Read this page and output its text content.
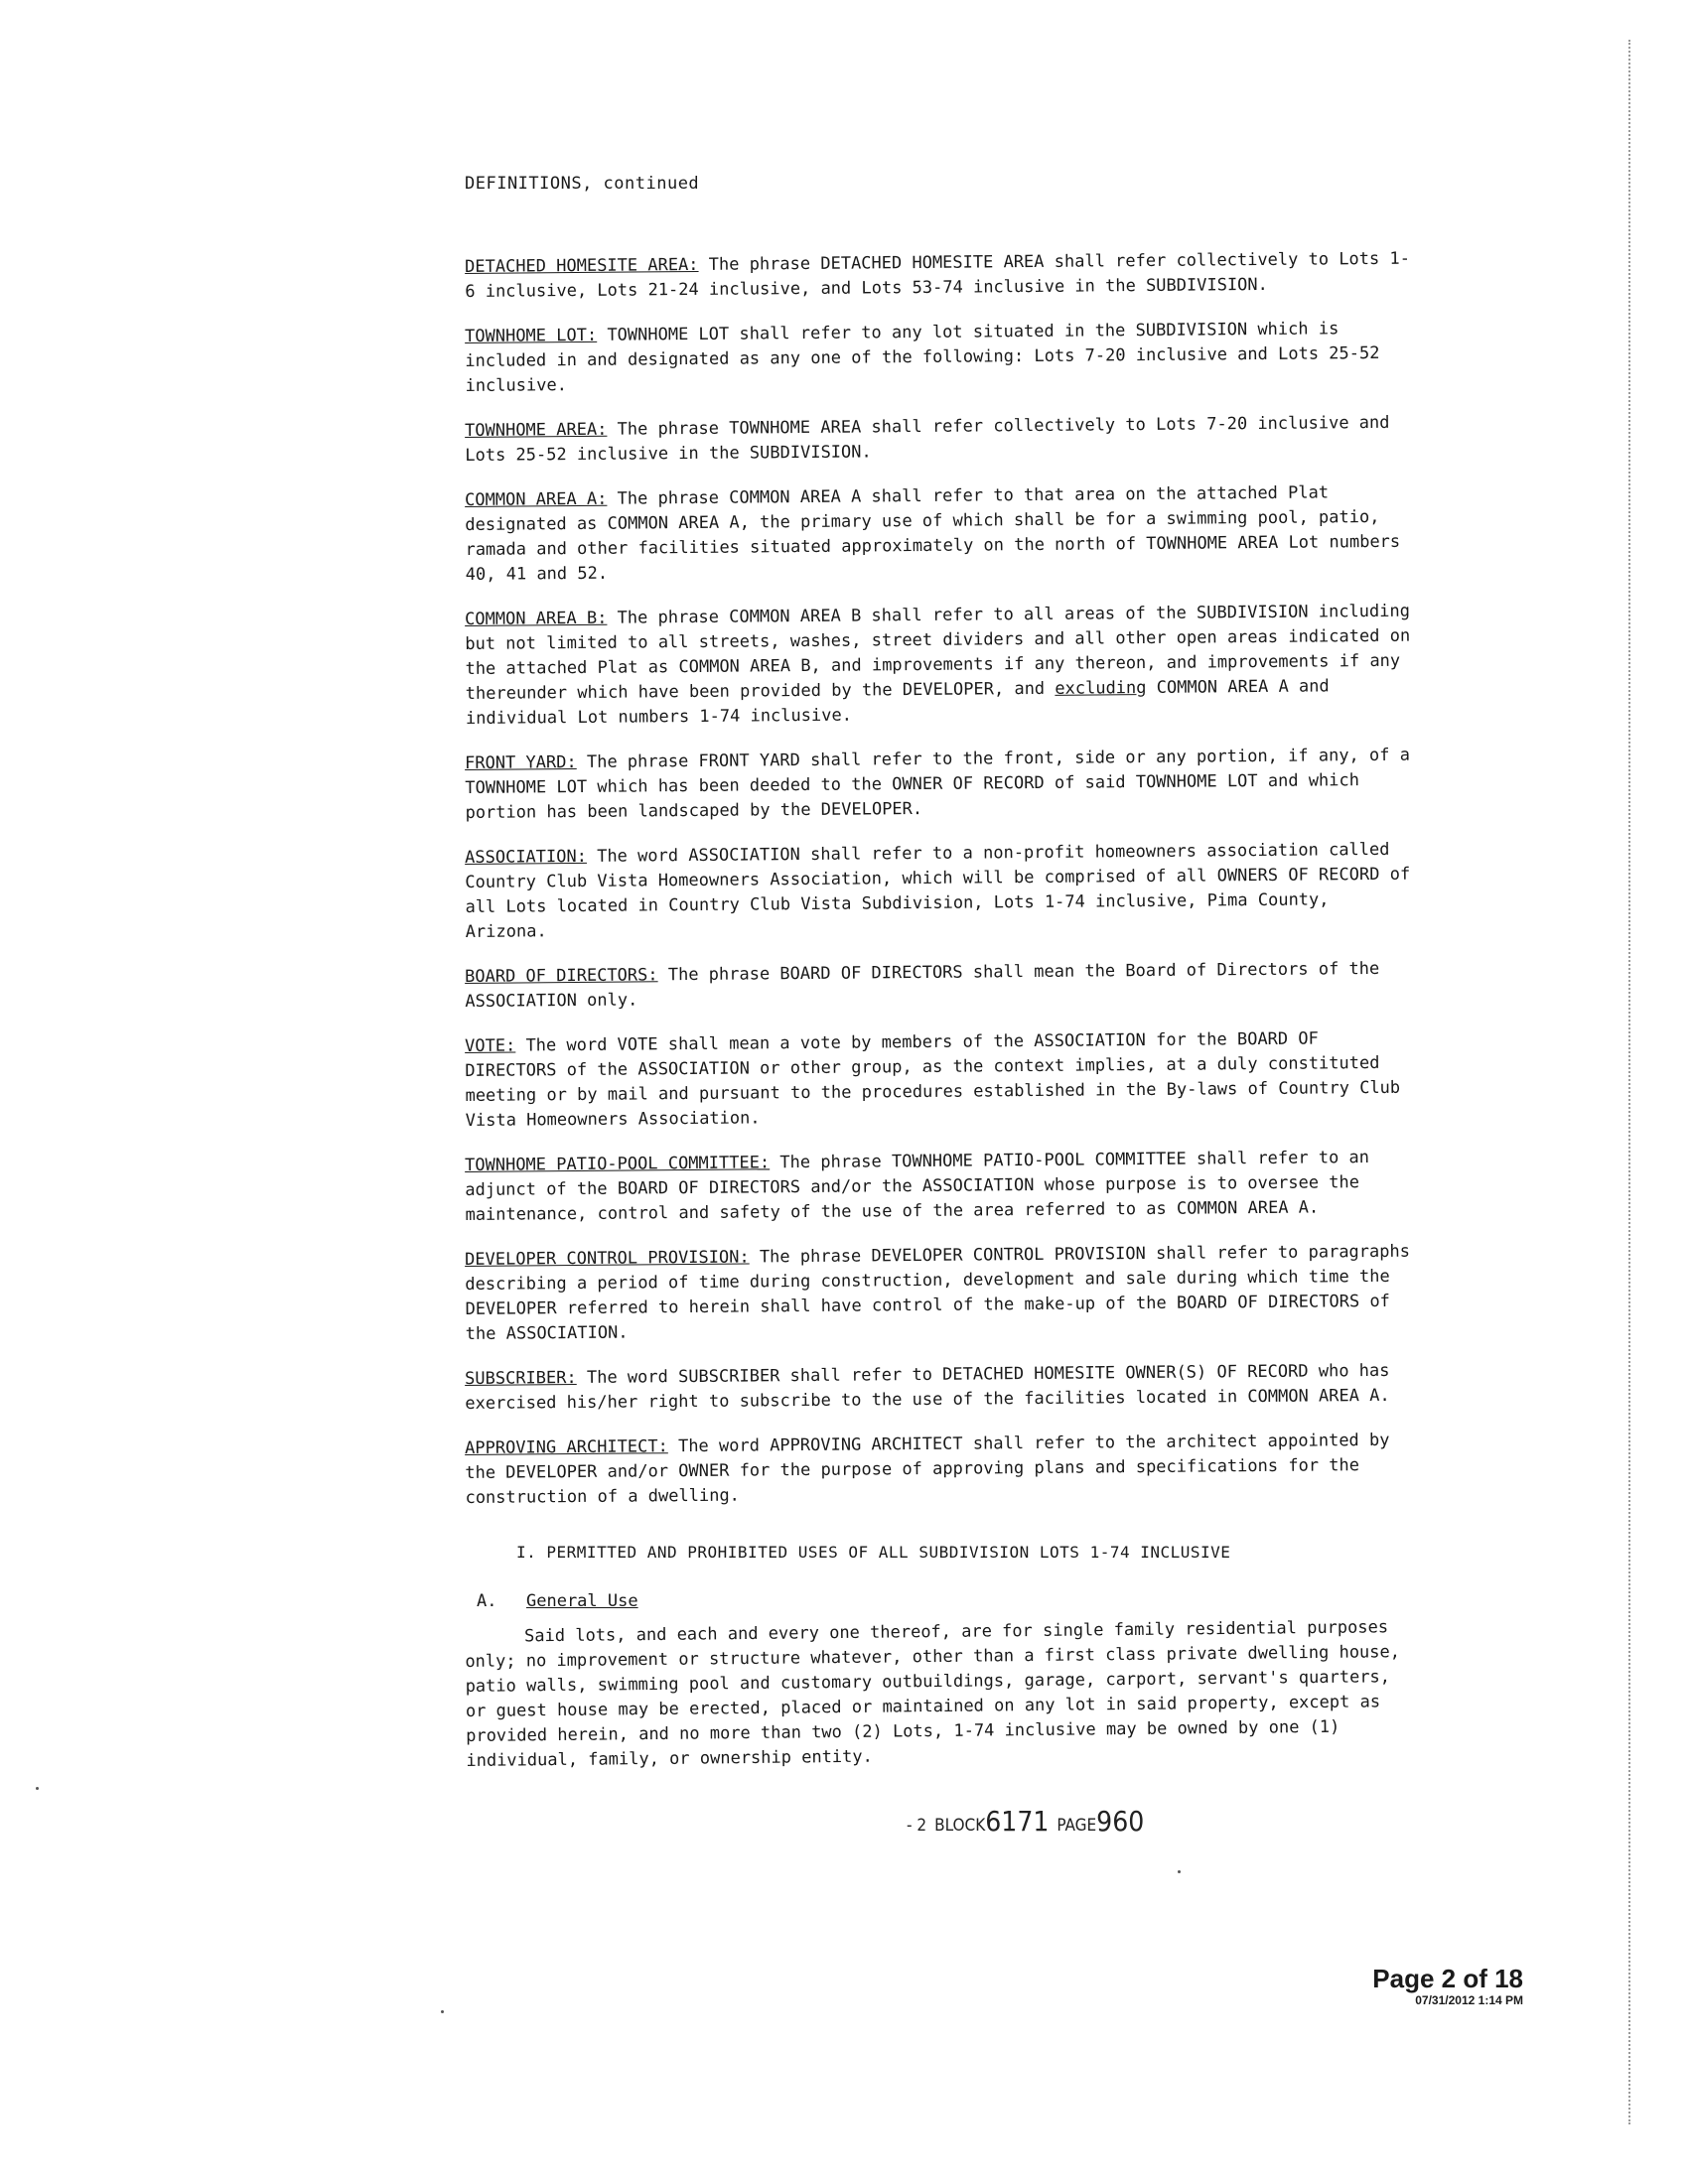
DEFINITIONS, continued
DETACHED HOMESITE AREA: The phrase DETACHED HOMESITE AREA shall refer collectively to Lots 1-6 inclusive, Lots 21-24 inclusive, and Lots 53-74 inclusive in the SUBDIVISION.
TOWNHOME LOT: TOWNHOME LOT shall refer to any lot situated in the SUBDIVISION which is included in and designated as any one of the following: Lots 7-20 inclusive and Lots 25-52 inclusive.
TOWNHOME AREA: The phrase TOWNHOME AREA shall refer collectively to Lots 7-20 inclusive and Lots 25-52 inclusive in the SUBDIVISION.
COMMON AREA A: The phrase COMMON AREA A shall refer to that area on the attached Plat designated as COMMON AREA A, the primary use of which shall be for a swimming pool, patio, ramada and other facilities situated approximately on the north of TOWNHOME AREA Lot numbers 40, 41 and 52.
COMMON AREA B: The phrase COMMON AREA B shall refer to all areas of the SUBDIVISION including but not limited to all streets, washes, street dividers and all other open areas indicated on the attached Plat as COMMON AREA B, and improvements if any thereon, and improvements if any thereunder which have been provided by the DEVELOPER, and excluding COMMON AREA A and individual Lot numbers 1-74 inclusive.
FRONT YARD: The phrase FRONT YARD shall refer to the front, side or any portion, if any, of a TOWNHOME LOT which has been deeded to the OWNER OF RECORD of said TOWNHOME LOT and which portion has been landscaped by the DEVELOPER.
ASSOCIATION: The word ASSOCIATION shall refer to a non-profit homeowners association called Country Club Vista Homeowners Association, which will be comprised of all OWNERS OF RECORD of all Lots located in Country Club Vista Subdivision, Lots 1-74 inclusive, Pima County, Arizona.
BOARD OF DIRECTORS: The phrase BOARD OF DIRECTORS shall mean the Board of Directors of the ASSOCIATION only.
VOTE: The word VOTE shall mean a vote by members of the ASSOCIATION for the BOARD OF DIRECTORS of the ASSOCIATION or other group, as the context implies, at a duly constituted meeting or by mail and pursuant to the procedures established in the By-laws of Country Club Vista Homeowners Association.
TOWNHOME PATIO-POOL COMMITTEE: The phrase TOWNHOME PATIO-POOL COMMITTEE shall refer to an adjunct of the BOARD OF DIRECTORS and/or the ASSOCIATION whose purpose is to oversee the maintenance, control and safety of the use of the area referred to as COMMON AREA A.
DEVELOPER CONTROL PROVISION: The phrase DEVELOPER CONTROL PROVISION shall refer to paragraphs describing a period of time during construction, development and sale during which time the DEVELOPER referred to herein shall have control of the make-up of the BOARD OF DIRECTORS of the ASSOCIATION.
SUBSCRIBER: The word SUBSCRIBER shall refer to DETACHED HOMESITE OWNER(S) OF RECORD who has exercised his/her right to subscribe to the use of the facilities located in COMMON AREA A.
APPROVING ARCHITECT: The word APPROVING ARCHITECT shall refer to the architect appointed by the DEVELOPER and/or OWNER for the purpose of approving plans and specifications for the construction of a dwelling.
I. PERMITTED AND PROHIBITED USES OF ALL SUBDIVISION LOTS 1-74 INCLUSIVE
A. General Use
Said lots, and each and every one thereof, are for single family residential purposes only; no improvement or structure whatever, other than a first class private dwelling house, patio walls, swimming pool and customary outbuildings, garage, carport, servant's quarters, or guest house may be erected, placed or maintained on any lot in said property, except as provided herein, and no more than two (2) Lots, 1-74 inclusive may be owned by one (1) individual, family, or ownership entity.
- 2 BLOCK6171 PAGE960
Page 2 of 18
07/31/2012 1:14 PM
